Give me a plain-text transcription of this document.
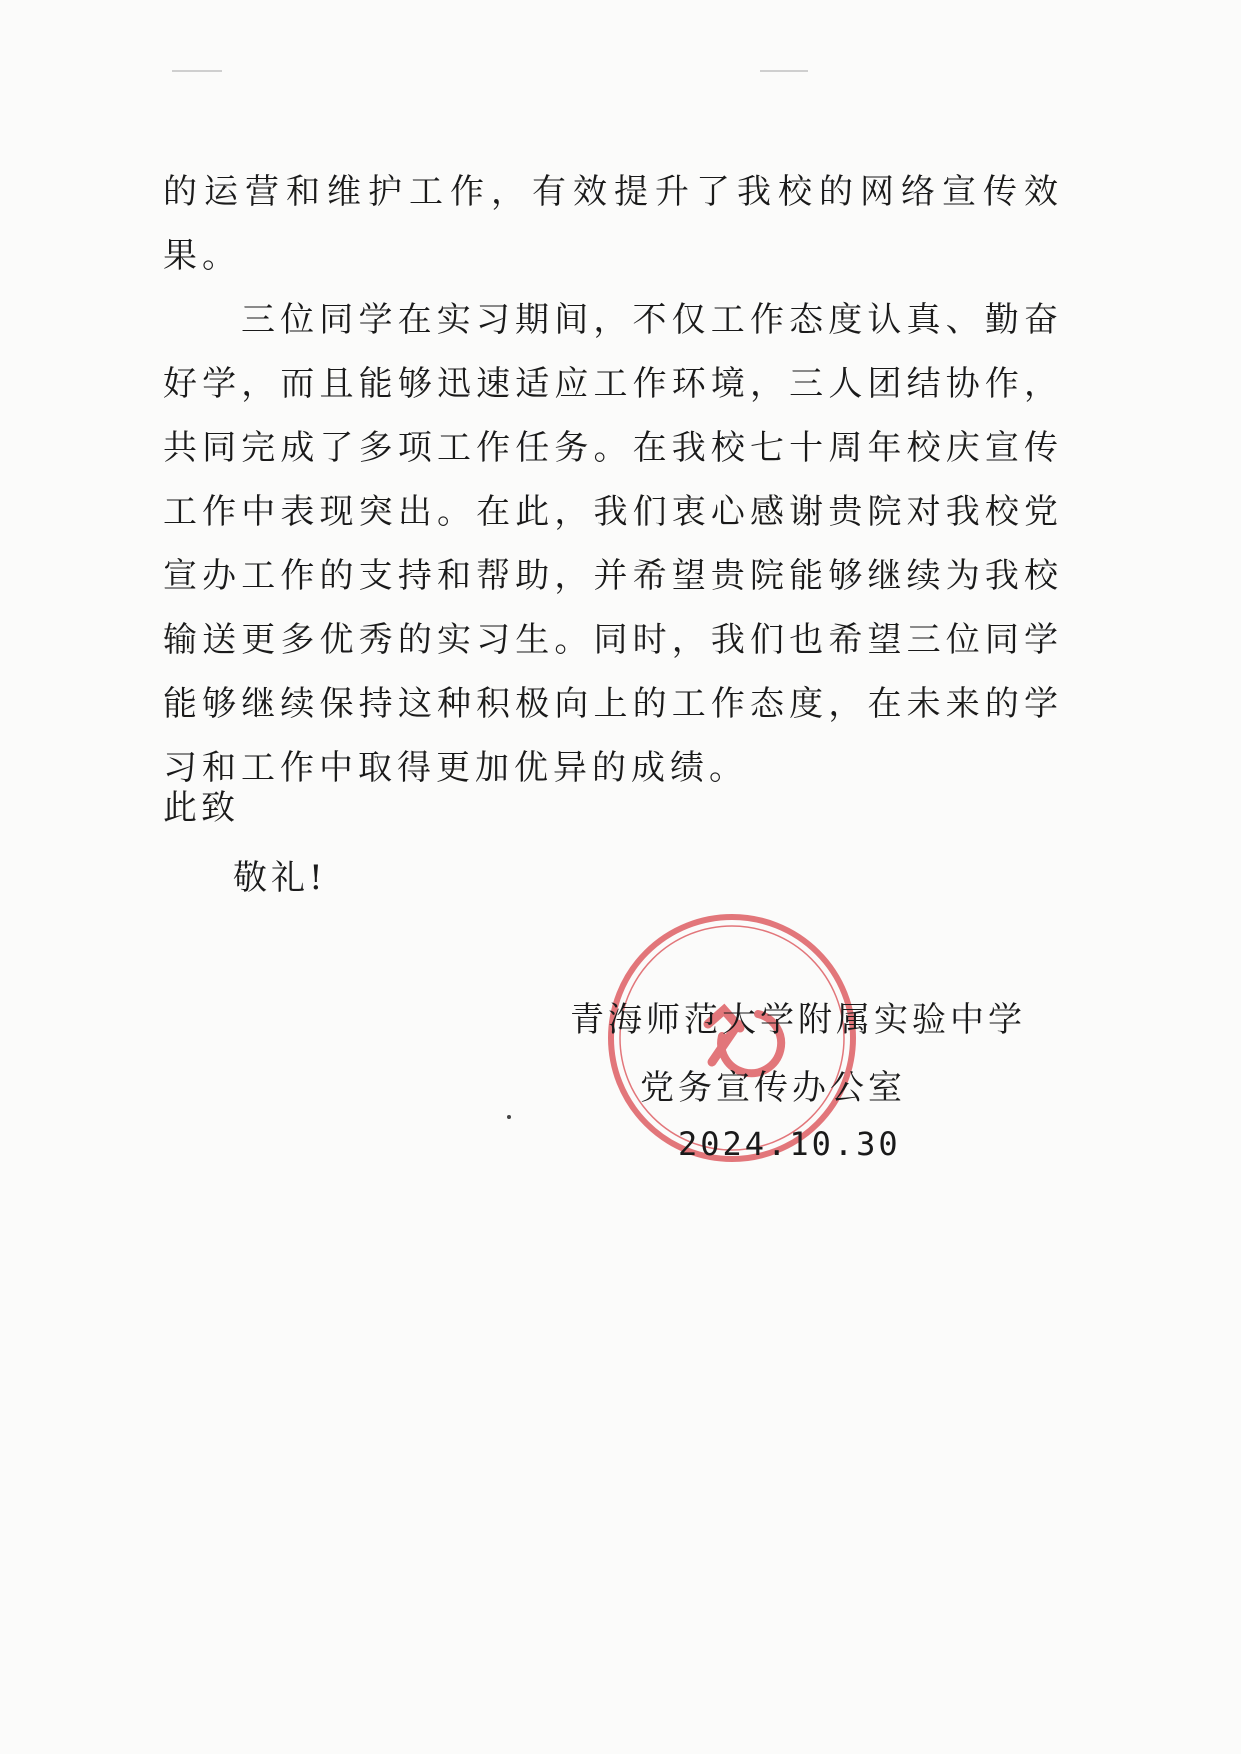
的运营和维护工作，有效提升了我校的网络宣传效果。

三位同学在实习期间，不仅工作态度认真、勤奋好学，而且能够迅速适应工作环境，三人团结协作，共同完成了多项工作任务。在我校七十周年校庆宣传工作中表现突出。在此，我们衷心感谢贵院对我校党宣办工作的支持和帮助，并希望贵院能够继续为我校输送更多优秀的实习生。同时，我们也希望三位同学能够继续保持这种积极向上的工作态度，在未来的学习和工作中取得更加优异的成绩。

此致
敬礼!
青海师范大学附属实验中学
党务宣传办公室
2024.10.30
